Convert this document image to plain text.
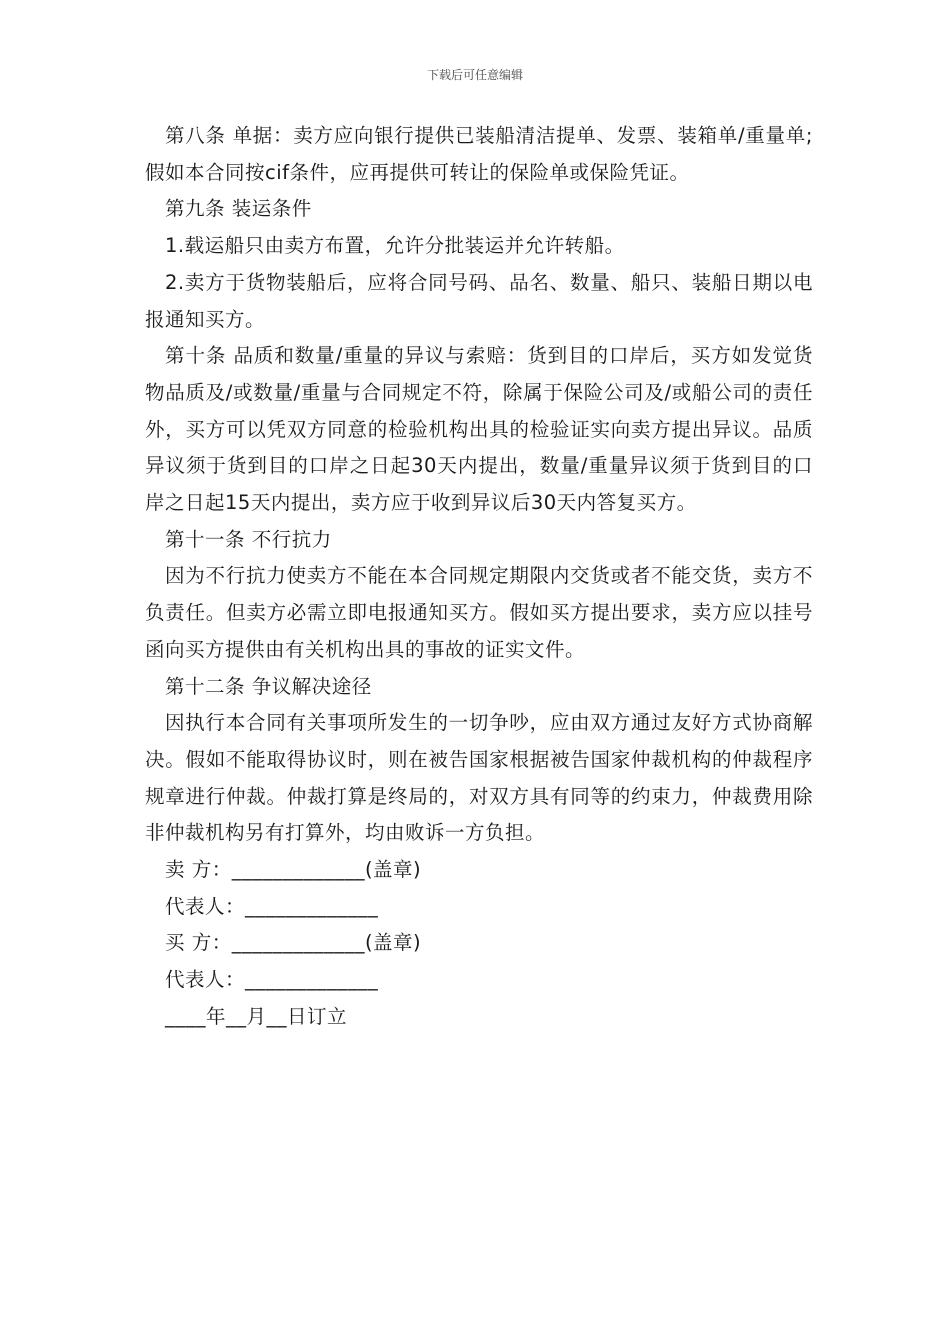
下载后可任意编辑

第八条 单据：卖方应向银行提供已装船清洁提单、发票、装箱单/重量单;假如本合同按cif条件，应再提供可转让的保险单或保险凭证。

第九条 装运条件

1.载运船只由卖方布置，允许分批装运并允许转船。

2.卖方于货物装船后，应将合同号码、品名、数量、船只、装船日期以电报通知买方。

第十条 品质和数量/重量的异议与索赔：货到目的口岸后，买方如发觉货物品质及/或数量/重量与合同规定不符，除属于保险公司及/或船公司的责任外，买方可以凭双方同意的检验机构出具的检验证实向卖方提出异议。品质异议须于货到目的口岸之日起30天内提出，数量/重量异议须于货到目的口岸之日起15天内提出，卖方应于收到异议后30天内答复买方。

第十一条 不行抗力

因为不行抗力使卖方不能在本合同规定期限内交货或者不能交货，卖方不负责任。但卖方必需立即电报通知买方。假如买方提出要求，卖方应以挂号函向买方提供由有关机构出具的事故的证实文件。

第十二条 争议解决途径

因执行本合同有关事项所发生的一切争吵，应由双方通过友好方式协商解决。假如不能取得协议时，则在被告国家根据被告国家仲裁机构的仲裁程序规章进行仲裁。仲裁打算是终局的，对双方具有同等的约束力，仲裁费用除非仲裁机构另有打算外，均由败诉一方负担。

卖 方：_____________(盖章)

代表人：_____________

买 方：_____________(盖章)

代表人：_____________

____年__月__日订立
